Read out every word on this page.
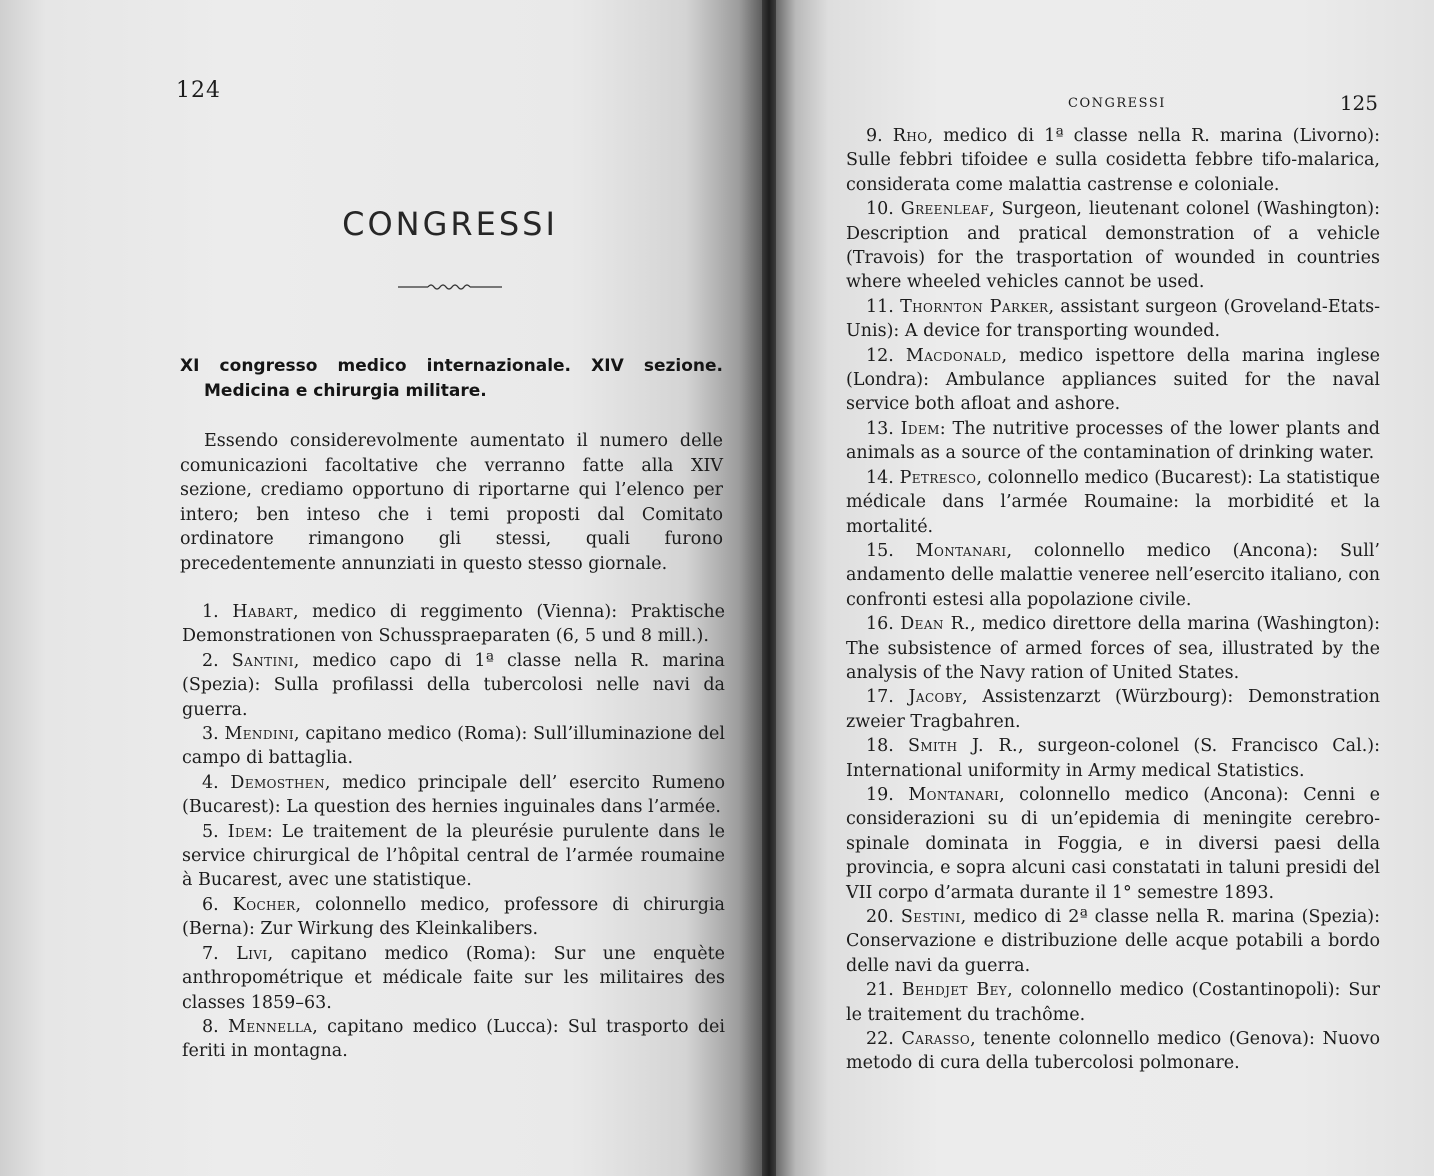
124
CONGRESSI
XI congresso medico internazionale. XIV sezione. Medicina e chirurgia militare.

Essendo considerevolmente aumentato il numero delle comunicazioni facoltative che verranno fatte alla XIV sezione, crediamo opportuno di riportarne qui l’elenco per intero; ben inteso che i temi proposti dal Comitato ordinatore rimangono gli stessi, quali furono precedentemente annunziati in questo stesso giornale.

1. Habart, medico di reggimento (Vienna): Praktische Demonstrationen von Schusspraeparaten (6, 5 und 8 mill.).

2. Santini, medico capo di 1ª classe nella R. marina (Spezia): Sulla profilassi della tubercolosi nelle navi da guerra.

3. Mendini, capitano medico (Roma): Sull’illuminazione del campo di battaglia.

4. Demosthen, medico principale dell’ esercito Rumeno (Bucarest): La question des hernies inguinales dans l’armée.

5. Idem: Le traitement de la pleurésie purulente dans le service chirurgical de l’hôpital central de l’armée roumaine à Bucarest, avec une statistique.

6. Kocher, colonnello medico, professore di chirurgia (Berna): Zur Wirkung des Kleinkalibers.

7. Livi, capitano medico (Roma): Sur une enquète anthropométrique et médicale faite sur les militaires des classes 1859–63.

8. Mennella, capitano medico (Lucca): Sul trasporto dei feriti in montagna.

CONGRESSI	125

9. Rho, medico di 1ª classe nella R. marina (Livorno): Sulle febbri tifoidee e sulla cosidetta febbre tifo-malarica, considerata come malattia castrense e coloniale.

10. Greenleaf, Surgeon, lieutenant colonel (Washington): Description and pratical demonstration of a vehicle (Travois) for the trasportation of wounded in countries where wheeled vehicles cannot be used.

11. Thornton Parker, assistant surgeon (Groveland-Etats-Unis): A device for transporting wounded.

12. Macdonald, medico ispettore della marina inglese (Londra): Ambulance appliances suited for the naval service both afloat and ashore.

13. Idem: The nutritive processes of the lower plants and animals as a source of the contamination of drinking water.

14. Petresco, colonnello medico (Bucarest): La statistique médicale dans l’armée Roumaine: la morbidité et la mortalité.

15. Montanari, colonnello medico (Ancona): Sull’ andamento delle malattie veneree nell’esercito italiano, con confronti estesi alla popolazione civile.

16. Dean R., medico direttore della marina (Washington): The subsistence of armed forces of sea, illustrated by the analysis of the Navy ration of United States.

17. Jacoby, Assistenzarzt (Würzbourg): Demonstration zweier Tragbahren.

18. Smith J. R., surgeon-colonel (S. Francisco Cal.): International uniformity in Army medical Statistics.

19. Montanari, colonnello medico (Ancona): Cenni e considerazioni su di un’epidemia di meningite cerebro-spinale dominata in Foggia, e in diversi paesi della provincia, e sopra alcuni casi constatati in taluni presidi del VII corpo d’armata durante il 1° semestre 1893.

20. Sestini, medico di 2ª classe nella R. marina (Spezia): Conservazione e distribuzione delle acque potabili a bordo delle navi da guerra.

21. Behdjet Bey, colonnello medico (Costantinopoli): Sur le traitement du trachôme.

22. Carasso, tenente colonnello medico (Genova): Nuovo metodo di cura della tubercolosi polmonare.
